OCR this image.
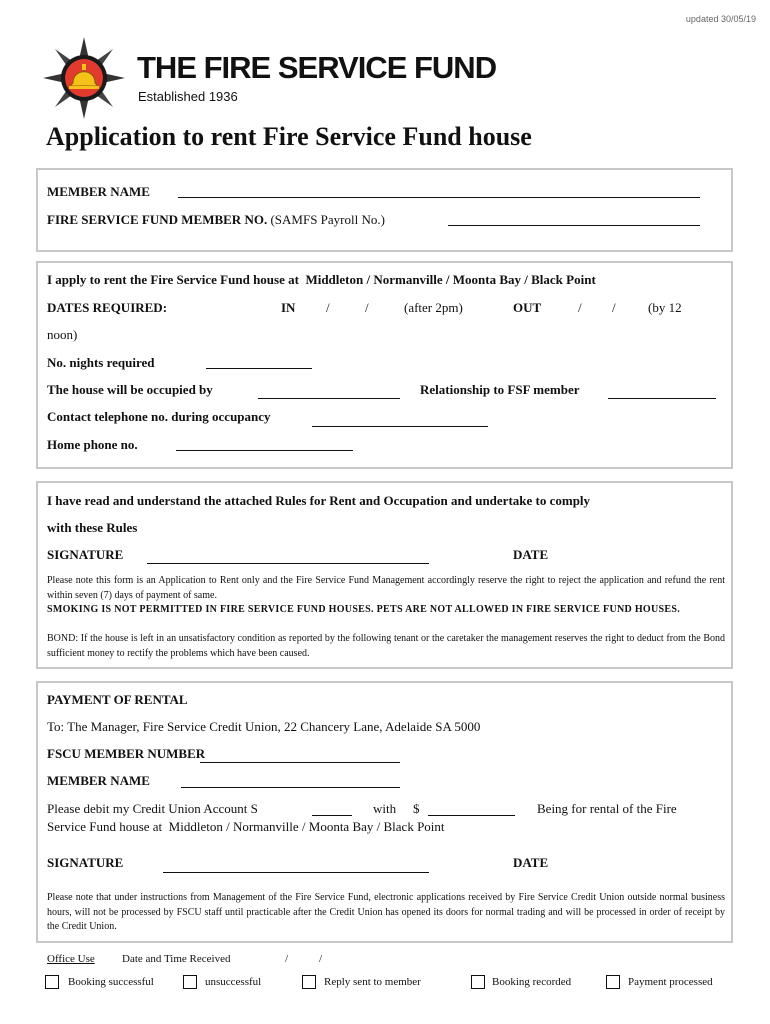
updated 30/05/19
THE FIRE SERVICE FUND
Established 1936
Application to rent Fire Service Fund house
MEMBER NAME
FIRE SERVICE FUND MEMBER NO. (SAMFS Payroll No.)
I apply to rent the Fire Service Fund house at Middleton / Normanville / Moonta Bay / Black Point
DATES REQUIRED:	IN /	/	(after 2pm)	OUT	/ / (by 12
noon)
No. nights required
The house will be occupied by	Relationship to FSF member
Contact telephone no. during occupancy
Home phone no.
I have read and understand the attached Rules for Rent and Occupation and undertake to comply
with these Rules
SIGNATURE	DATE
Please note this form is an Application to Rent only and the Fire Service Fund Management accordingly reserve the right to reject the application and refund the rent within seven (7) days of payment of same.
SMOKING IS NOT PERMITTED IN FIRE SERVICE FUND HOUSES. PETS ARE NOT ALLOWED IN FIRE SERVICE FUND HOUSES.
BOND: If the house is left in an unsatisfactory condition as reported by the following tenant or the caretaker the management reserves the right to deduct from the Bond sufficient money to rectify the problems which have been caused.
PAYMENT OF RENTAL
To: The Manager, Fire Service Credit Union, 22 Chancery Lane, Adelaide SA 5000
FSCU MEMBER NUMBER
MEMBER NAME
Please debit my Credit Union Account S	with $	Being for rental of the Fire
Service Fund house at Middleton / Normanville / Moonta Bay / Black Point
SIGNATURE	DATE
Please note that under instructions from Management of the Fire Service Fund, electronic applications received by Fire Service Credit Union outside normal business hours, will not be processed by FSCU staff until practicable after the Credit Union has opened its doors for normal trading and will be processed in order of receipt by the Credit Union.
Office Use Date and Time Received	/	/
Booking successful	unsuccessful	Reply sent to member	Booking recorded	Payment processed
